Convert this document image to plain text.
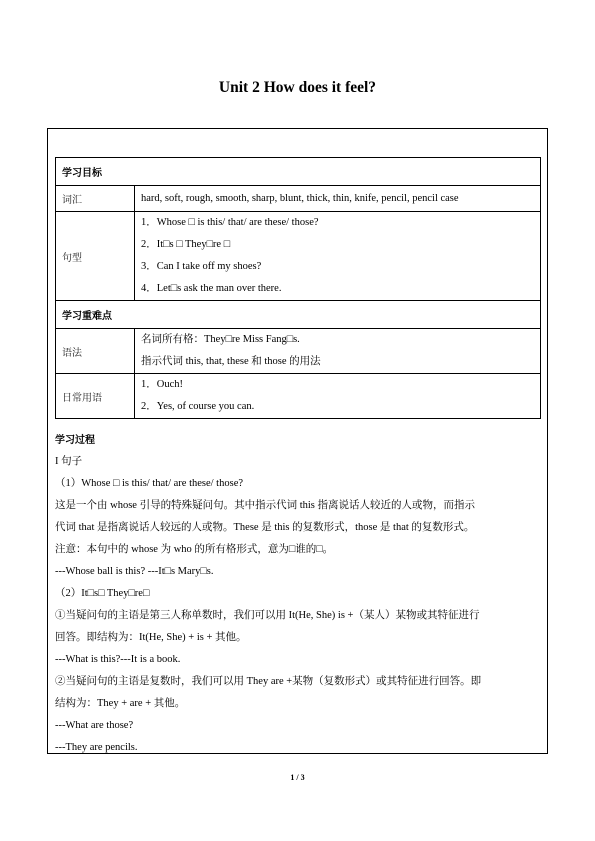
Unit 2 How does it feel?
学习目标	
词汇	hard, soft, rough, smooth, sharp, blunt, thick, thin, knife, pencil, pencil case
句型	1．Whose □ is this/ that/ are these/ those?
2．It□s □ They□re □
3．Can I take off my shoes?
4．Let□s ask the man over there.

学习重难点	
语法	名词所有格：They□re Miss Fang□s.
指示代词 this, that, these 和 those 的用法

日常用语	1．Ouch!
2．Yes, of course you can.
学习过程
I 句子
（1）Whose □ is this/ that/ are these/ those?
这是一个由 whose 引导的特殊疑问句。其中指示代词 this 指离说话人较近的人或物，而指示
代词 that 是指离说话人较远的人或物。These 是 this 的复数形式，those 是 that 的复数形式。
注意：本句中的 whose 为 who 的所有格形式，意为□谁的□。
---Whose ball is this? ---It□s Mary□s.
（2）It□s□ They□re□
①当疑问句的主语是第三人称单数时，我们可以用 It(He, She) is +（某人）某物或其特征进行
回答。即结构为：It(He, She) + is + 其他。
---What is this?---It is a book.
②当疑问句的主语是复数时，我们可以用 They are +某物（复数形式）或其特征进行回答。即
结构为：They + are + 其他。
---What are those?
---They are pencils.
1 / 3
